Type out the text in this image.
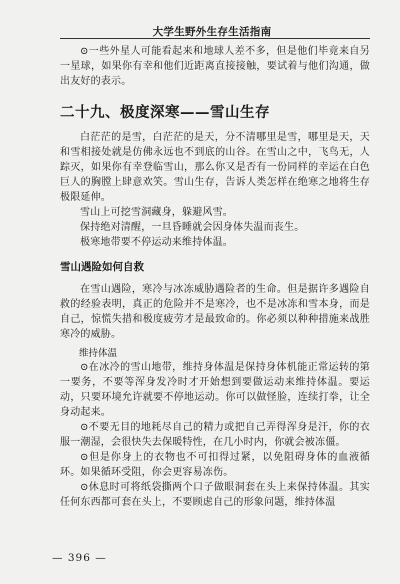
大学生野外生存生活指南

⊙一些外星人可能看起来和地球人差不多，但是他们毕竟来自另一星球，如果你有幸和他们近距离直接接触，要试着与他们沟通，做出友好的表示。

二十九、极度深寒——雪山生存

白茫茫的是雪，白茫茫的是天，分不清哪里是雪，哪里是天，天和雪相接处就是仿佛永远也不到底的山谷。在雪山之中，飞鸟无，人踪灭，如果你有幸登临雪山，那么你又是否有一份同样的幸运在白色巨人的胸膛上肆意欢笑。雪山生存，告诉人类怎样在绝寒之地将生存极限延伸。

雪山上可挖雪洞藏身，躲避风雪。

保持绝对清醒，一旦昏睡就会因身体失温而丧生。

极寒地带要不停运动来维持体温。

雪山遇险如何自救

在雪山遇险，寒冷与冰冻威胁遇险者的生命。但是据许多遇险自救的经验表明，真正的危险并不是寒冷，也不是冰冻和雪本身，而是自己，惊慌失措和极度疲劳才是最致命的。你必须以种种措施来战胜寒冷的威胁。

维持体温

⊙在冰冷的雪山地带，维持身体温是保持身体机能正常运转的第一要务，不要等浑身发冷时才开始想到要做运动来维持体温。要运动，只要环境允许就要不停地运动。你可以做怪脸，连续打拳，让全身动起来。

⊙不要无目的地耗尽自己的精力或把自己弄得浑身是汗，你的衣服一潮湿，会很快失去保暖特性，在几小时内，你就会被冻僵。

⊙但是你身上的衣物也不可扣得过紧，以免阻碍身体的血液循环。如果循环受阻，你会更容易冻伤。

⊙休息时可将纸袋撕两个口子做眼洞套在头上来保持体温。其实任何东西都可套在头上，不要顾虑自己的形象问题，维持体温

— 396 —
